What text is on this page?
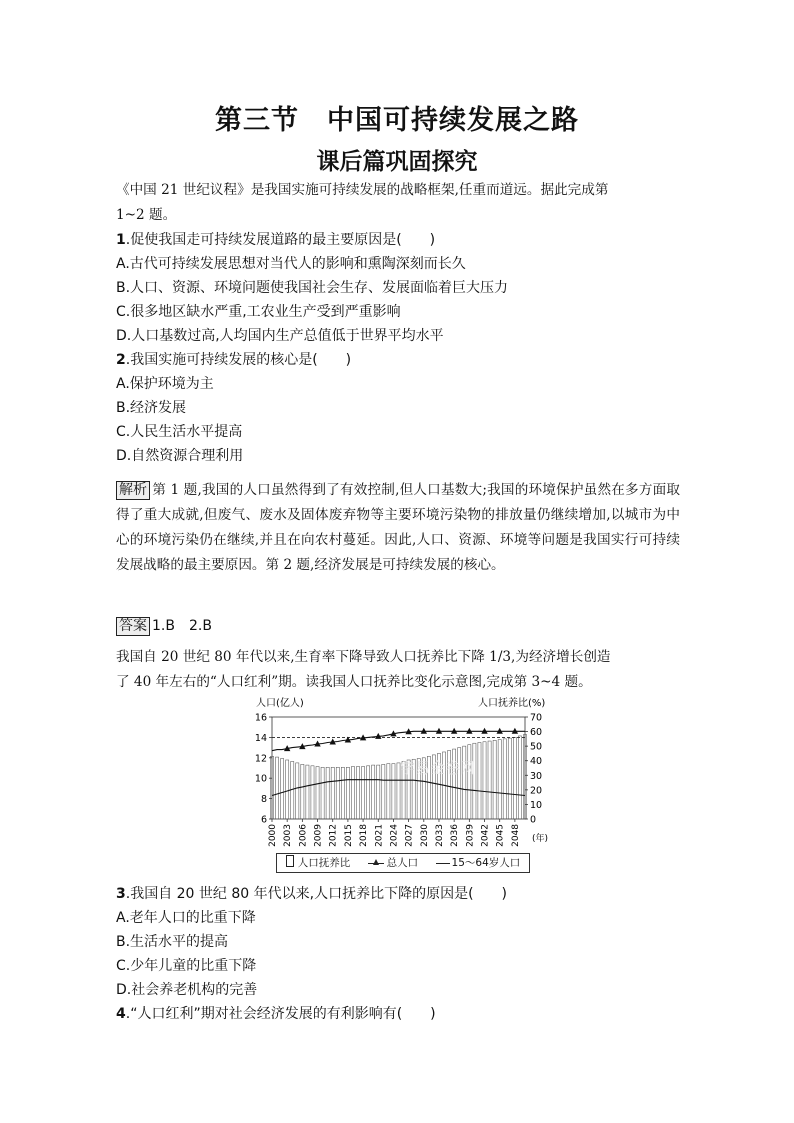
第三节　中国可持续发展之路
课后篇巩固探究
《中国 21 世纪议程》是我国实施可持续发展的战略框架,任重而道远。据此完成第
1~2 题。
1.促使我国走可持续发展道路的最主要原因是(　　)
A.古代可持续发展思想对当代人的影响和熏陶深刻而长久
B.人口、资源、环境问题使我国社会生存、发展面临着巨大压力
C.很多地区缺水严重,工农业生产受到严重影响
D.人口基数过高,人均国内生产总值低于世界平均水平
2.我国实施可持续发展的核心是(　　)
A.保护环境为主
B.经济发展
C.人民生活水平提高
D.自然资源合理利用
解析 第 1 题,我国的人口虽然得到了有效控制,但人口基数大;我国的环境保护虽然在多方面取得了重大成就,但废气、废水及固体废弃物等主要环境污染物的排放量仍继续增加,以城市为中心的环境污染仍在继续,并且在向农村蔓延。因此,人口、资源、环境等问题是我国实行可持续发展战略的最主要原因。第 2 题,经济发展是可持续发展的核心。
答案 1.B　2.B
我国自 20 世纪 80 年代以来,生育率下降导致人口抚养比下降 1/3,为经济增长创造
了 40 年左右的“人口红利”期。读我国人口抚养比变化示意图,完成第 3~4 题。
6
8
10
12
14
16
0
10
20
30
40
50
60
70
2000 2003 2006 2009 2012 2015 2018 2021 2024 2027 2030 2033 2036 2039 2042 2045 2048
人口(亿人)	人口抚养比(%)
(年)
学易金卷网
人口抚养比	总人口	15～64岁人口
3.我国自 20 世纪 80 年代以来,人口抚养比下降的原因是(　　)
A.老年人口的比重下降
B.生活水平的提高
C.少年儿童的比重下降
D.社会养老机构的完善
4.“人口红利”期对社会经济发展的有利影响有(　　)
